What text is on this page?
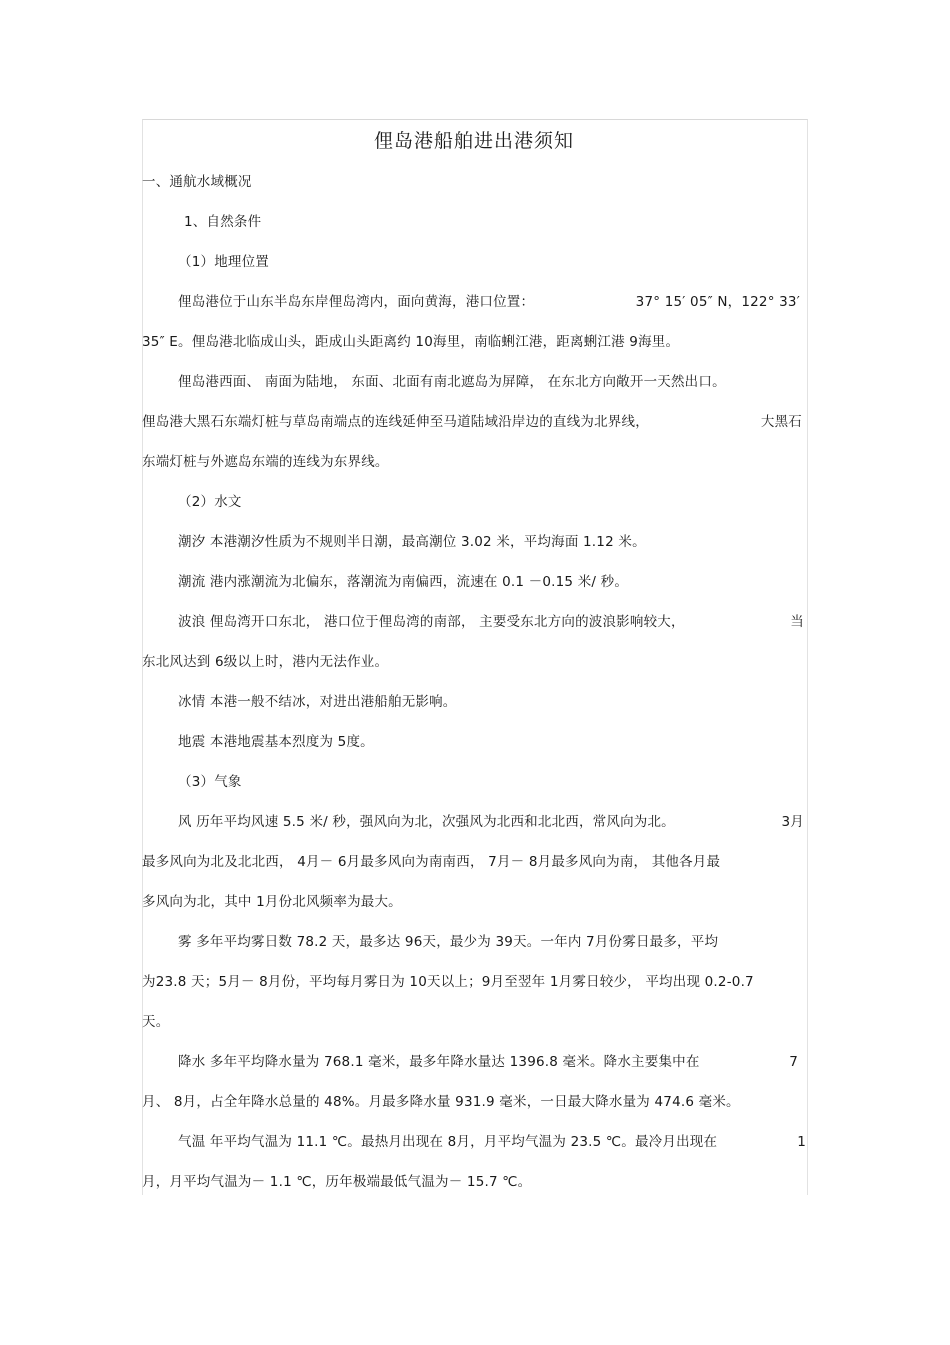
俚岛港船舶进出港须知
一、通航水域概况
1、自然条件
（1）地理位置
俚岛港位于山东半岛东岸俚岛湾内，面向黄海，港口位置：	37° 15′ 05″ N，122° 33′
35″ E。俚岛港北临成山头，距成山头距离约 10海里，南临蜊江港，距离蜊江港 9海里。
俚岛港西面、 南面为陆地， 东面、北面有南北遮岛为屏障， 在东北方向敞开一天然出口。
俚岛港大黑石东端灯桩与草岛南端点的连线延伸至马道陆域沿岸边的直线为北界线，	大黑石
东端灯桩与外遮岛东端的连线为东界线。
（2）水文
潮汐 本港潮汐性质为不规则半日潮，最高潮位 3.02 米，平均海面 1.12 米。
潮流 港内涨潮流为北偏东，落潮流为南偏西，流速在 0.1 －0.15 米/ 秒。
波浪 俚岛湾开口东北， 港口位于俚岛湾的南部， 主要受东北方向的波浪影响较大，	当
东北风达到 6级以上时，港内无法作业。
冰情 本港一般不结冰，对进出港船舶无影响。
地震 本港地震基本烈度为 5度。
（3）气象
风 历年平均风速 5.5 米/ 秒，强风向为北，次强风为北西和北北西，常风向为北。	3月
最多风向为北及北北西， 4月－ 6月最多风向为南南西， 7月－ 8月最多风向为南， 其他各月最
多风向为北，其中 1月份北风频率为最大。
雾 多年平均雾日数 78.2 天，最多达 96天，最少为 39天。一年内 7月份雾日最多，平均
为23.8 天；5月－ 8月份，平均每月雾日为 10天以上；9月至翌年 1月雾日较少， 平均出现 0.2-0.7
天。
降水 多年平均降水量为 768.1 毫米，最多年降水量达 1396.8 毫米。降水主要集中在	7
月、 8月，占全年降水总量的 48%。月最多降水量 931.9 毫米，一日最大降水量为 474.6 毫米。
气温 年平均气温为 11.1 ℃。最热月出现在 8月，月平均气温为 23.5 ℃。最冷月出现在	1
月，月平均气温为－ 1.1 ℃，历年极端最低气温为－ 15.7 ℃。
